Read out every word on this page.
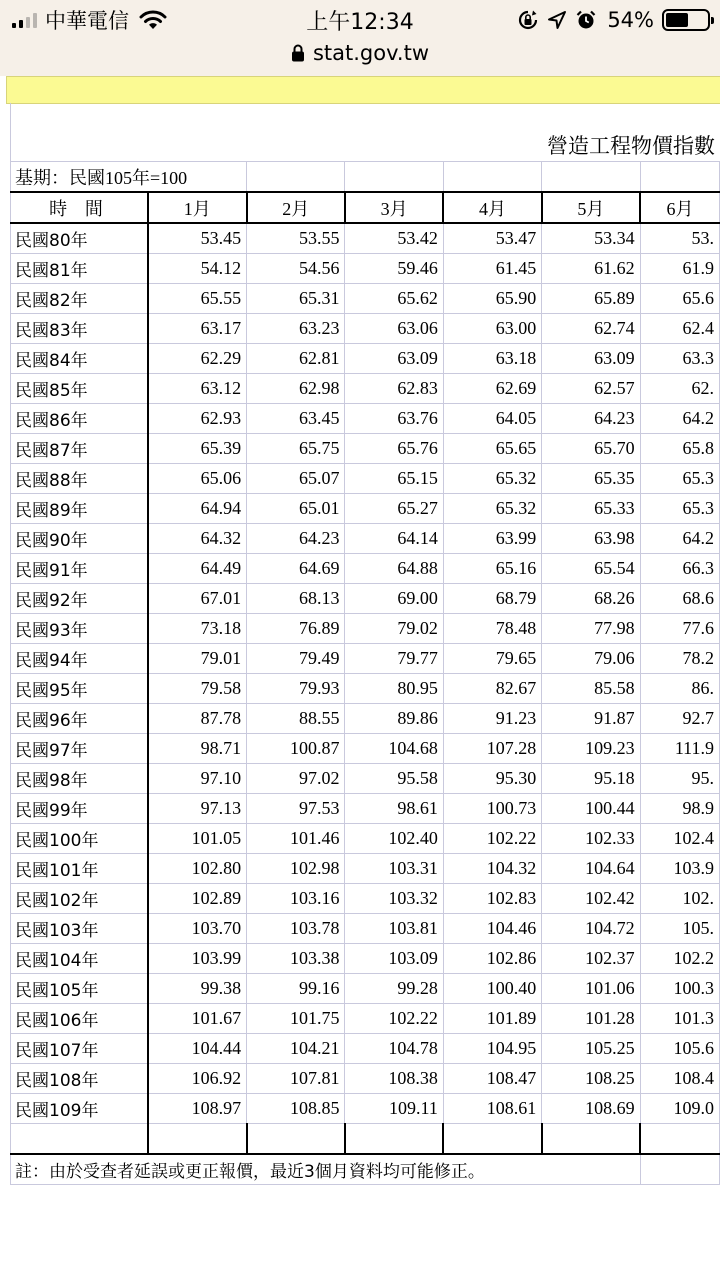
中華電信	上午12:34	54%
stat.gov.tw
營造工程物價指數
基期：民國105年=100						
時 間	1月	2月	3月	4月	5月	6月
民國80年	53.45	53.55	53.42	53.47	53.34	53.
民國81年	54.12	54.56	59.46	61.45	61.62	61.9
民國82年	65.55	65.31	65.62	65.90	65.89	65.6
民國83年	63.17	63.23	63.06	63.00	62.74	62.4
民國84年	62.29	62.81	63.09	63.18	63.09	63.3
民國85年	63.12	62.98	62.83	62.69	62.57	62.
民國86年	62.93	63.45	63.76	64.05	64.23	64.2
民國87年	65.39	65.75	65.76	65.65	65.70	65.8
民國88年	65.06	65.07	65.15	65.32	65.35	65.3
民國89年	64.94	65.01	65.27	65.32	65.33	65.3
民國90年	64.32	64.23	64.14	63.99	63.98	64.2
民國91年	64.49	64.69	64.88	65.16	65.54	66.3
民國92年	67.01	68.13	69.00	68.79	68.26	68.6
民國93年	73.18	76.89	79.02	78.48	77.98	77.6
民國94年	79.01	79.49	79.77	79.65	79.06	78.2
民國95年	79.58	79.93	80.95	82.67	85.58	86.
民國96年	87.78	88.55	89.86	91.23	91.87	92.7
民國97年	98.71	100.87	104.68	107.28	109.23	111.9
民國98年	97.10	97.02	95.58	95.30	95.18	95.
民國99年	97.13	97.53	98.61	100.73	100.44	98.9
民國100年	101.05	101.46	102.40	102.22	102.33	102.4
民國101年	102.80	102.98	103.31	104.32	104.64	103.9
民國102年	102.89	103.16	103.32	102.83	102.42	102.
民國103年	103.70	103.78	103.81	104.46	104.72	105.
民國104年	103.99	103.38	103.09	102.86	102.37	102.2
民國105年	99.38	99.16	99.28	100.40	101.06	100.3
民國106年	101.67	101.75	102.22	101.89	101.28	101.3
民國107年	104.44	104.21	104.78	104.95	105.25	105.6
民國108年	106.92	107.81	108.38	108.47	108.25	108.4
民國109年	108.97	108.85	109.11	108.61	108.69	109.0

註：由於受查者延誤或更正報價，最近3個月資料均可能修正。						
